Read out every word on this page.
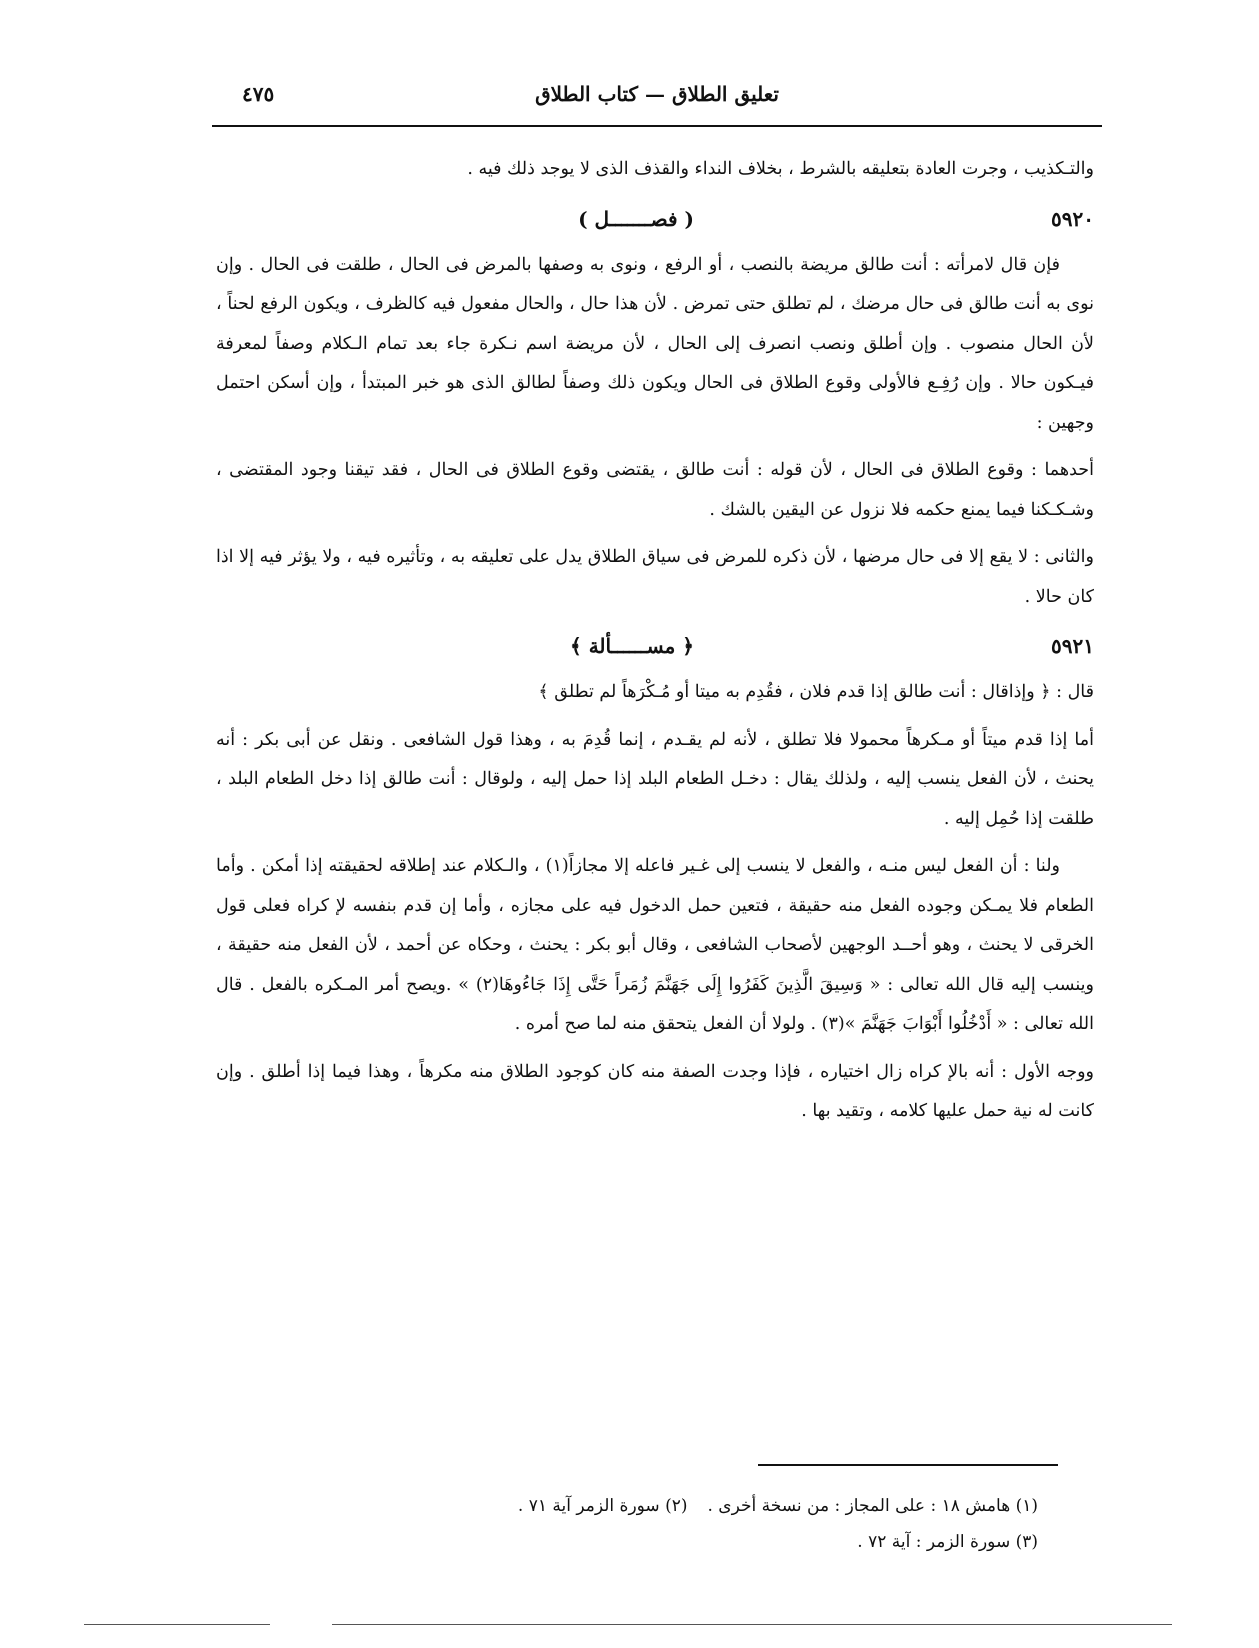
تعليق الطلاق — كتاب الطلاق
٤٧٥

والتـكذيب ، وجرت العادة بتعليقه بالشرط ، بخلاف النداء والقذف الذى لا يوجد ذلك فيه .

٥٩٢٠
( فصـــــــل )

فإن قال لامرأته : أنت طالق مريضة بالنصب ، أو الرفع ، ونوى به وصفها بالمرض فى الحال ، طلقت فى الحال . وإن نوى به أنت طالق فى حال مرضك ، لم تطلق حتى تمرض . لأن هذا حال ، والحال مفعول فيه كالظرف ، ويكون الرفع لحناً ، لأن الحال منصوب . وإن أطلق ونصب انصرف إلى الحال ، لأن مريضة اسم نـكرة جاء بعد تمام الـكلام وصفاً لمعرفة فيـكون حالا . وإن رُفِـع فالأولى وقوع الطلاق فى الحال ويكون ذلك وصفاً لطالق الذى هو خبر المبتدأ ، وإن أسكن احتمل وجهين :

أحدهما : وقوع الطلاق فى الحال ، لأن قوله : أنت طالق ، يقتضى وقوع الطلاق فى الحال ، فقد تيقنا وجود المقتضى ، وشـكـكنا فيما يمنع حكمه فلا نزول عن اليقين بالشك .

والثانى : لا يقع إلا فى حال مرضها ، لأن ذكره للمرض فى سياق الطلاق يدل على تعليقه به ، وتأثيره فيه ، ولا يؤثر فيه إلا اذا كان حالا .

٥٩٢١
﴿ مســــــألة ﴾

قال : ﴿ وإذاقال : أنت طالق إذا قدم فلان ، فقُدِم به ميتا أو مُـكْرَهاً لم تطلق ﴾

أما إذا قدم ميتاً أو مـكرهاً محمولا فلا تطلق ، لأنه لم يقـدم ، إنما قُدِمَ به ، وهذا قول الشافعى . ونقل عن أبى بكر : أنه يحنث ، لأن الفعل ينسب إليه ، ولذلك يقال : دخـل الطعام البلد إذا حمل إليه ، ولوقال : أنت طالق إذا دخل الطعام البلد ، طلقت إذا حُمِل إليه .

ولنا : أن الفعل ليس منـه ، والفعل لا ينسب إلى غـير فاعله إلا مجازاً(١) ، والـكلام عند إطلاقه لحقيقته إذا أمكن . وأما الطعام فلا يمـكن وجوده الفعل منه حقيقة ، فتعين حمل الدخول فيه على مجازه ، وأما إن قدم بنفسه لإ كراه فعلى قول الخرقى لا يحنث ، وهو أحــد الوجهين لأصحاب الشافعى ، وقال أبو بكر : يحنث ، وحكاه عن أحمد ، لأن الفعل منه حقيقة ، وينسب إليه قال الله تعالى : « وَسِيقَ الَّذِينَ كَفَرُوا إِلَى جَهَنَّمَ زُمَراً حَتَّى إِذَا جَاءُوهَا(٢) » .ويصح أمر المـكره بالفعل . قال الله تعالى : « أَدْخُلُوا أَبْوَابَ جَهَنَّمَ »(٣) . ولولا أن الفعل يتحقق منه لما صح أمره .

ووجه الأول : أنه بالإ كراه زال اختياره ، فإذا وجدت الصفة منه كان كوجود الطلاق منه مكرهاً ، وهذا فيما إذا أطلق . وإن كانت له نية حمل عليها كلامه ، وتقيد بها .

(١) هامش ١٨ : على المجاز : من نسخة أخرى .(٢) سورة الزمر آية ٧١ .

(٣) سورة الزمر : آية ٧٢ .
